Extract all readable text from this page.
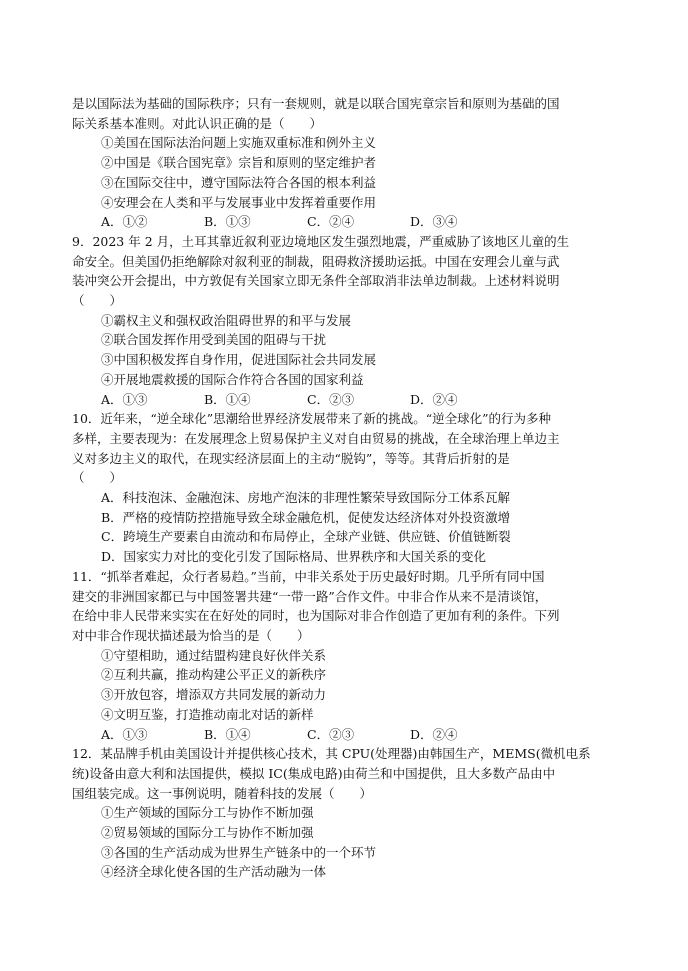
是以国际法为基础的国际秩序；只有一套规则，就是以联合国宪章宗旨和原则为基础的国
际关系基本准则。对此认识正确的是（　　）
①美国在国际法治问题上实施双重标准和例外主义
②中国是《联合国宪章》宗旨和原则的坚定维护者
③在国际交往中，遵守国际法符合各国的根本利益
④安理会在人类和平与发展事业中发挥着重要作用
A．①②	B．①③	C．②④	D．③④
9．2023 年 2 月，土耳其靠近叙利亚边境地区发生强烈地震，严重威胁了该地区儿童的生
命安全。但美国仍拒绝解除对叙利亚的制裁，阻碍救济援助运抵。中国在安理会儿童与武
装冲突公开会提出，中方敦促有关国家立即无条件全部取消非法单边制裁。上述材料说明
（　　）
①霸权主义和强权政治阻碍世界的和平与发展
②联合国发挥作用受到美国的阻碍与干扰
③中国积极发挥自身作用，促进国际社会共同发展
④开展地震救援的国际合作符合各国的国家利益
A．①③	B．①④	C．②③	D．②④
10．近年来，“逆全球化”思潮给世界经济发展带来了新的挑战。“逆全球化”的行为多种
多样，主要表现为：在发展理念上贸易保护主义对自由贸易的挑战，在全球治理上单边主
义对多边主义的取代，在现实经济层面上的主动“脱钩”，等等。其背后折射的是
（　　）
A．科技泡沫、金融泡沫、房地产泡沫的非理性繁荣导致国际分工体系瓦解
B．严格的疫情防控措施导致全球金融危机，促使发达经济体对外投资激增
C．跨境生产要素自由流动和布局停止，全球产业链、供应链、价值链断裂
D．国家实力对比的变化引发了国际格局、世界秩序和大国关系的变化
11．“抓举者难起，众行者易趋。”当前，中非关系处于历史最好时期。几乎所有同中国
建交的非洲国家都已与中国签署共建“一带一路”合作文件。中非合作从来不是清谈馆，
在给中非人民带来实实在在好处的同时，也为国际对非合作创造了更加有利的条件。下列
对中非合作现状描述最为恰当的是（　　）
①守望相助，通过结盟构建良好伙伴关系
②互利共赢，推动构建公平正义的新秩序
③开放包容，增添双方共同发展的新动力
④文明互鉴，打造推动南北对话的新样
A．①③	B．①④	C．②③	D．②④
12．某品牌手机由美国设计并提供核心技术，其 CPU(处理器)由韩国生产，MEMS(微机电系
统)设备由意大利和法国提供，模拟 IC(集成电路)由荷兰和中国提供，且大多数产品由中
国组装完成。这一事例说明，随着科技的发展（　　）
①生产领域的国际分工与协作不断加强
②贸易领域的国际分工与协作不断加强
③各国的生产活动成为世界生产链条中的一个环节
④经济全球化使各国的生产活动融为一体
